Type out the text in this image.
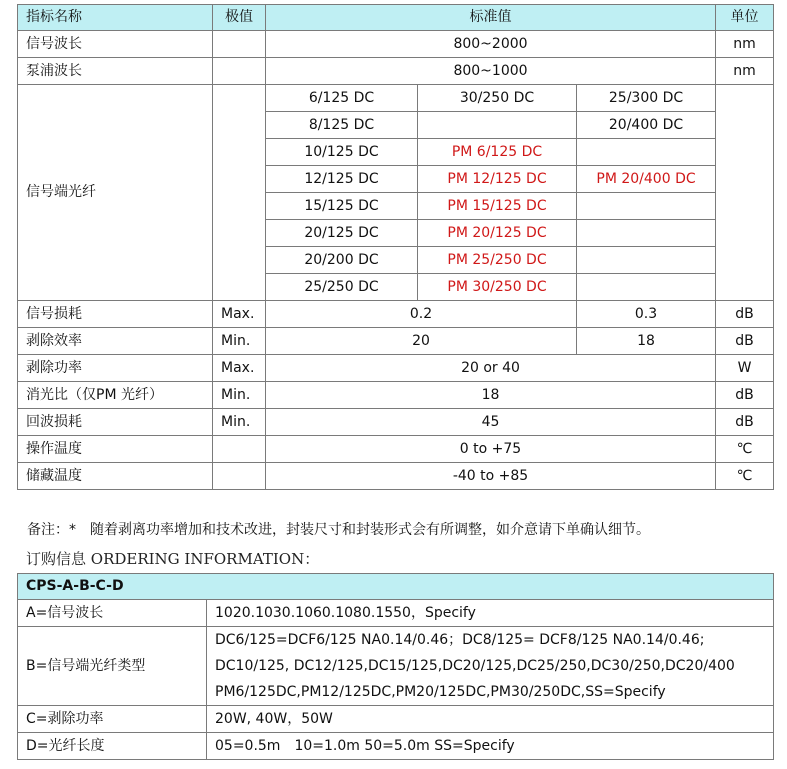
指标名称	极值	标准值			单位
信号波长		800~2000			nm
泵浦波长		800~1000			nm
信号端光纤		6/125 DC	30/250 DC	25/300 DC	
		8/125 DC		20/400 DC	
		10/125 DC	PM 6/125 DC		
		12/125 DC	PM 12/125 DC	PM 20/400 DC	
		15/125 DC	PM 15/125 DC		
		20/125 DC	PM 20/125 DC		
		20/200 DC	PM 25/250 DC		
		25/250 DC	PM 30/250 DC		
信号损耗	Max.	0.2		0.3	dB
剥除效率	Min.	20		18	dB
剥除功率	Max.	20 or 40			W
消光比（仅PM 光纤）	Min.	18			dB
回波损耗	Min.	45			dB
操作温度		0 to +75			℃
储藏温度		-40 to +85			℃
备注：*　随着剥离功率增加和技术改进，封装尺寸和封装形式会有所调整，如介意请下单确认细节。
订购信息 ORDERING INFORMATION：
CPS-A-B-C-D	
A=信号波长	1020.1030.1060.1080.1550，Specify
B=信号端光纤类型	DC6/125=DCF6/125 NA0.14/0.46；DC8/125= DCF8/125 NA0.14/0.46;
DC10/125, DC12/125,DC15/125,DC20/125,DC25/250,DC30/250,DC20/400
PM6/125DC,PM12/125DC,PM20/125DC,PM30/250DC,SS=Specify

C=剥除功率	20W, 40W，50W
D=光纤长度	05=0.5m　10=1.0m 50=5.0m SS=Specify
